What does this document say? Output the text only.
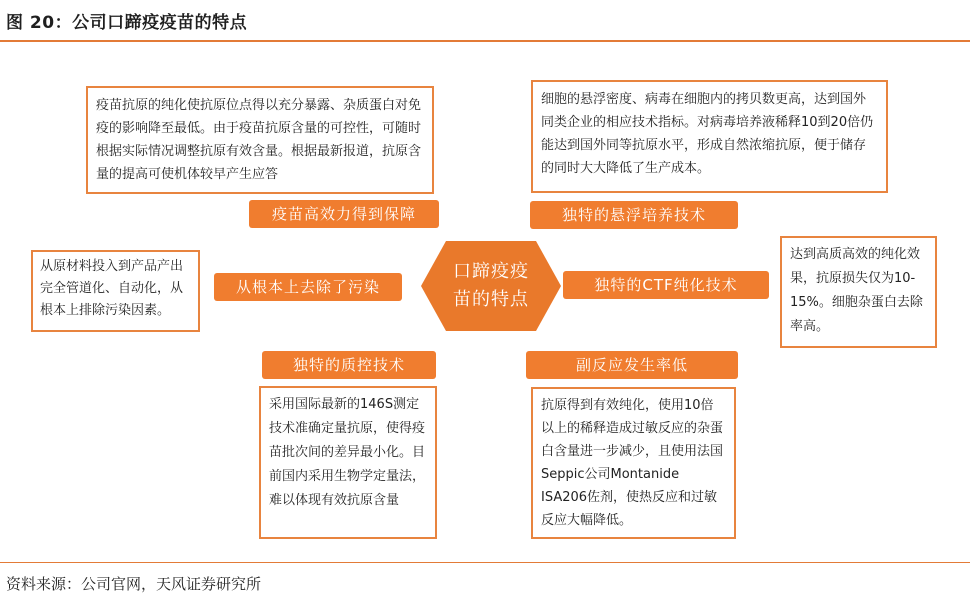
图 20：公司口蹄疫疫苗的特点
疫苗抗原的纯化使抗原位点得以充分暴露、杂质蛋白对免疫的影响降至最低。由于疫苗抗原含量的可控性，可随时根据实际情况调整抗原有效含量。根据最新报道，抗原含量的提高可使机体较早产生应答
疫苗高效力得到保障
细胞的悬浮密度、病毒在细胞内的拷贝数更高，达到国外同类企业的相应技术指标。对病毒培养液稀释10到20倍仍能达到国外同等抗原水平，形成自然浓缩抗原，便于储存的同时大大降低了生产成本。
独特的悬浮培养技术
从原材料投入到产品产出完全管道化、自动化，从根本上排除污染因素。
从根本上去除了污染
口蹄疫疫
苗的特点
独特的CTF纯化技术
达到高质高效的纯化效果，抗原损失仅为10-15%。细胞杂蛋白去除率高。
独特的质控技术
采用国际最新的146S测定技术准确定量抗原，使得疫苗批次间的差异最小化。目前国内采用生物学定量法，难以体现有效抗原含量
副反应发生率低
抗原得到有效纯化，使用10倍以上的稀释造成过敏反应的杂蛋白含量进一步减少，且使用法国Seppic公司Montanide ISA206佐剂，使热反应和过敏反应大幅降低。
资料来源：公司官网，天风证券研究所
